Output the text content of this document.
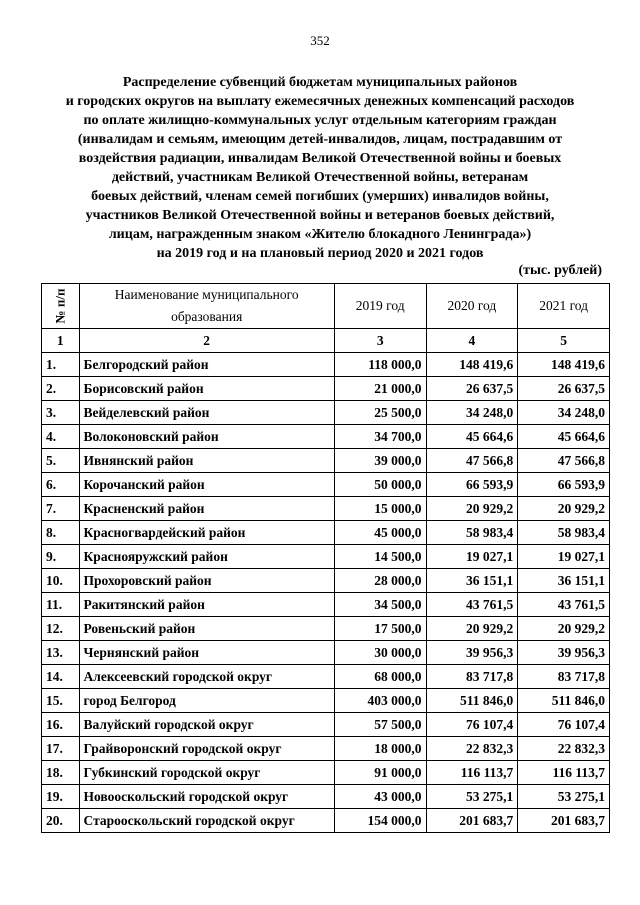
352
Распределение субвенций бюджетам муниципальных районов
и городских округов на выплату ежемесячных денежных компенсаций расходов
по оплате жилищно-коммунальных услуг отдельным категориям граждан
(инвалидам и семьям, имеющим детей-инвалидов, лицам, пострадавшим от
воздействия радиации, инвалидам Великой Отечественной войны и боевых
действий, участникам Великой Отечественной войны, ветеранам
боевых действий, членам семей погибших (умерших) инвалидов войны,
участников Великой Отечественной войны и ветеранов боевых действий,
лицам, награжденным знаком «Жителю блокадного Ленинграда»)
на 2019 год и на плановый период 2020 и 2021 годов
(тыс. рублей)
№ п/п	Наименование муниципального образования	2019 год	2020 год	2021 год
1	2	3	4	5
1.	Белгородский район	118 000,0	148 419,6	148 419,6
2.	Борисовский район	21 000,0	26 637,5	26 637,5
3.	Вейделевский район	25 500,0	34 248,0	34 248,0
4.	Волоконовский район	34 700,0	45 664,6	45 664,6
5.	Ивнянский район	39 000,0	47 566,8	47 566,8
6.	Корочанский район	50 000,0	66 593,9	66 593,9
7.	Красненский район	15 000,0	20 929,2	20 929,2
8.	Красногвардейский район	45 000,0	58 983,4	58 983,4
9.	Краснояружский район	14 500,0	19 027,1	19 027,1
10.	Прохоровский район	28 000,0	36 151,1	36 151,1
11.	Ракитянский район	34 500,0	43 761,5	43 761,5
12.	Ровеньский район	17 500,0	20 929,2	20 929,2
13.	Чернянский район	30 000,0	39 956,3	39 956,3
14.	Алексеевский городской округ	68 000,0	83 717,8	83 717,8
15.	город Белгород	403 000,0	511 846,0	511 846,0
16.	Валуйский городской округ	57 500,0	76 107,4	76 107,4
17.	Грайворонский городской округ	18 000,0	22 832,3	22 832,3
18.	Губкинский городской округ	91 000,0	116 113,7	116 113,7
19.	Новооскольский городской округ	43 000,0	53 275,1	53 275,1
20.	Старооскольский городской округ	154 000,0	201 683,7	201 683,7
